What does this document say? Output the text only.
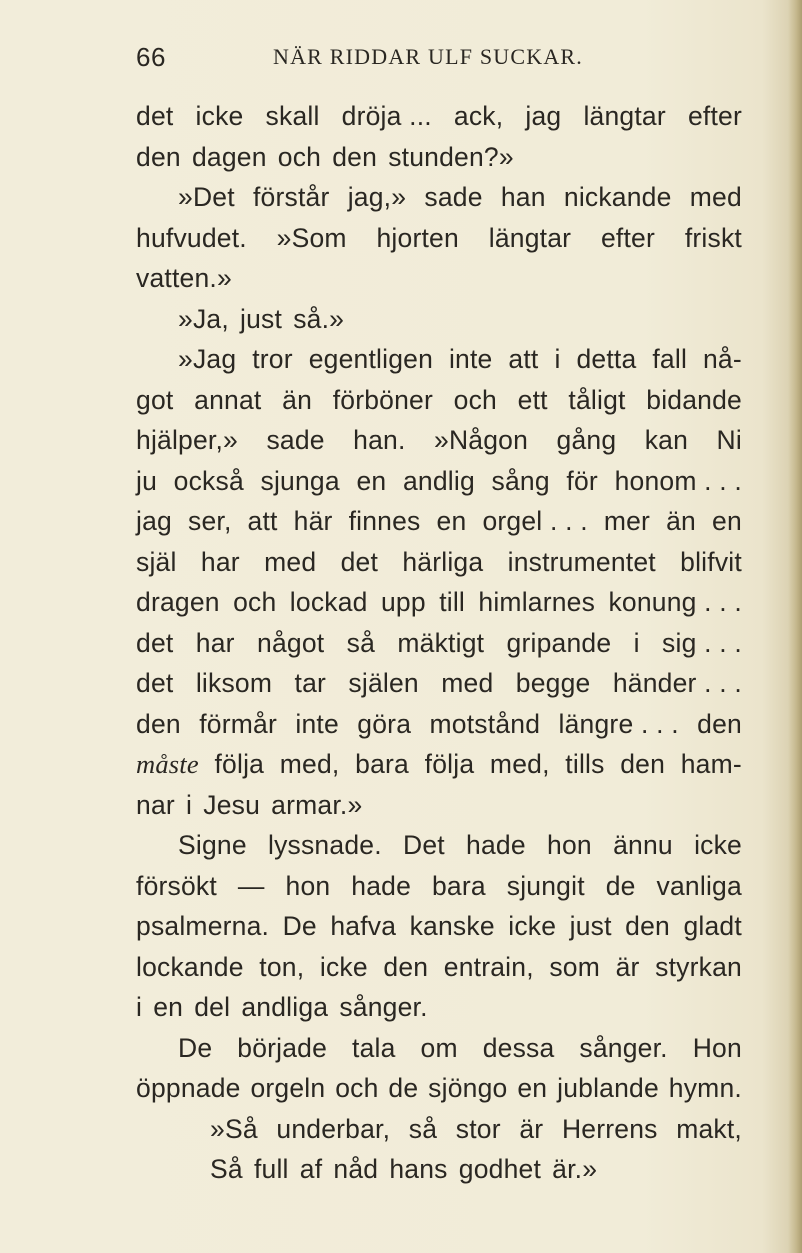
66	NÄR RIDDAR ULF SUCKAR.
det icke skall dröja ... ack, jag längtar efter
den dagen och den stunden?»
»Det förstår jag,» sade han nickande med
hufvudet. »Som hjorten längtar efter friskt
vatten.»
»Ja, just så.»
»Jag tror egentligen inte att i detta fall nå-
got annat än förböner och ett tåligt bidande
hjälper,» sade han. »Någon gång kan Ni
ju också sjunga en andlig sång för honom . . .
jag ser, att här finnes en orgel . . . mer än en
själ har med det härliga instrumentet blifvit
dragen och lockad upp till himlarnes konung . . .
det har något så mäktigt gripande i sig . . .
det liksom tar själen med begge händer . . .
den förmår inte göra motstånd längre . . . den
måste följa med, bara följa med, tills den ham-
nar i Jesu armar.»
Signe lyssnade. Det hade hon ännu icke
försökt — hon hade bara sjungit de vanliga
psalmerna. De hafva kanske icke just den gladt
lockande ton, icke den entrain, som är styrkan
i en del andliga sånger.
De började tala om dessa sånger. Hon
öppnade orgeln och de sjöngo en jublande hymn.
»Så underbar, så stor är Herrens makt,
Så full af nåd hans godhet är.»
